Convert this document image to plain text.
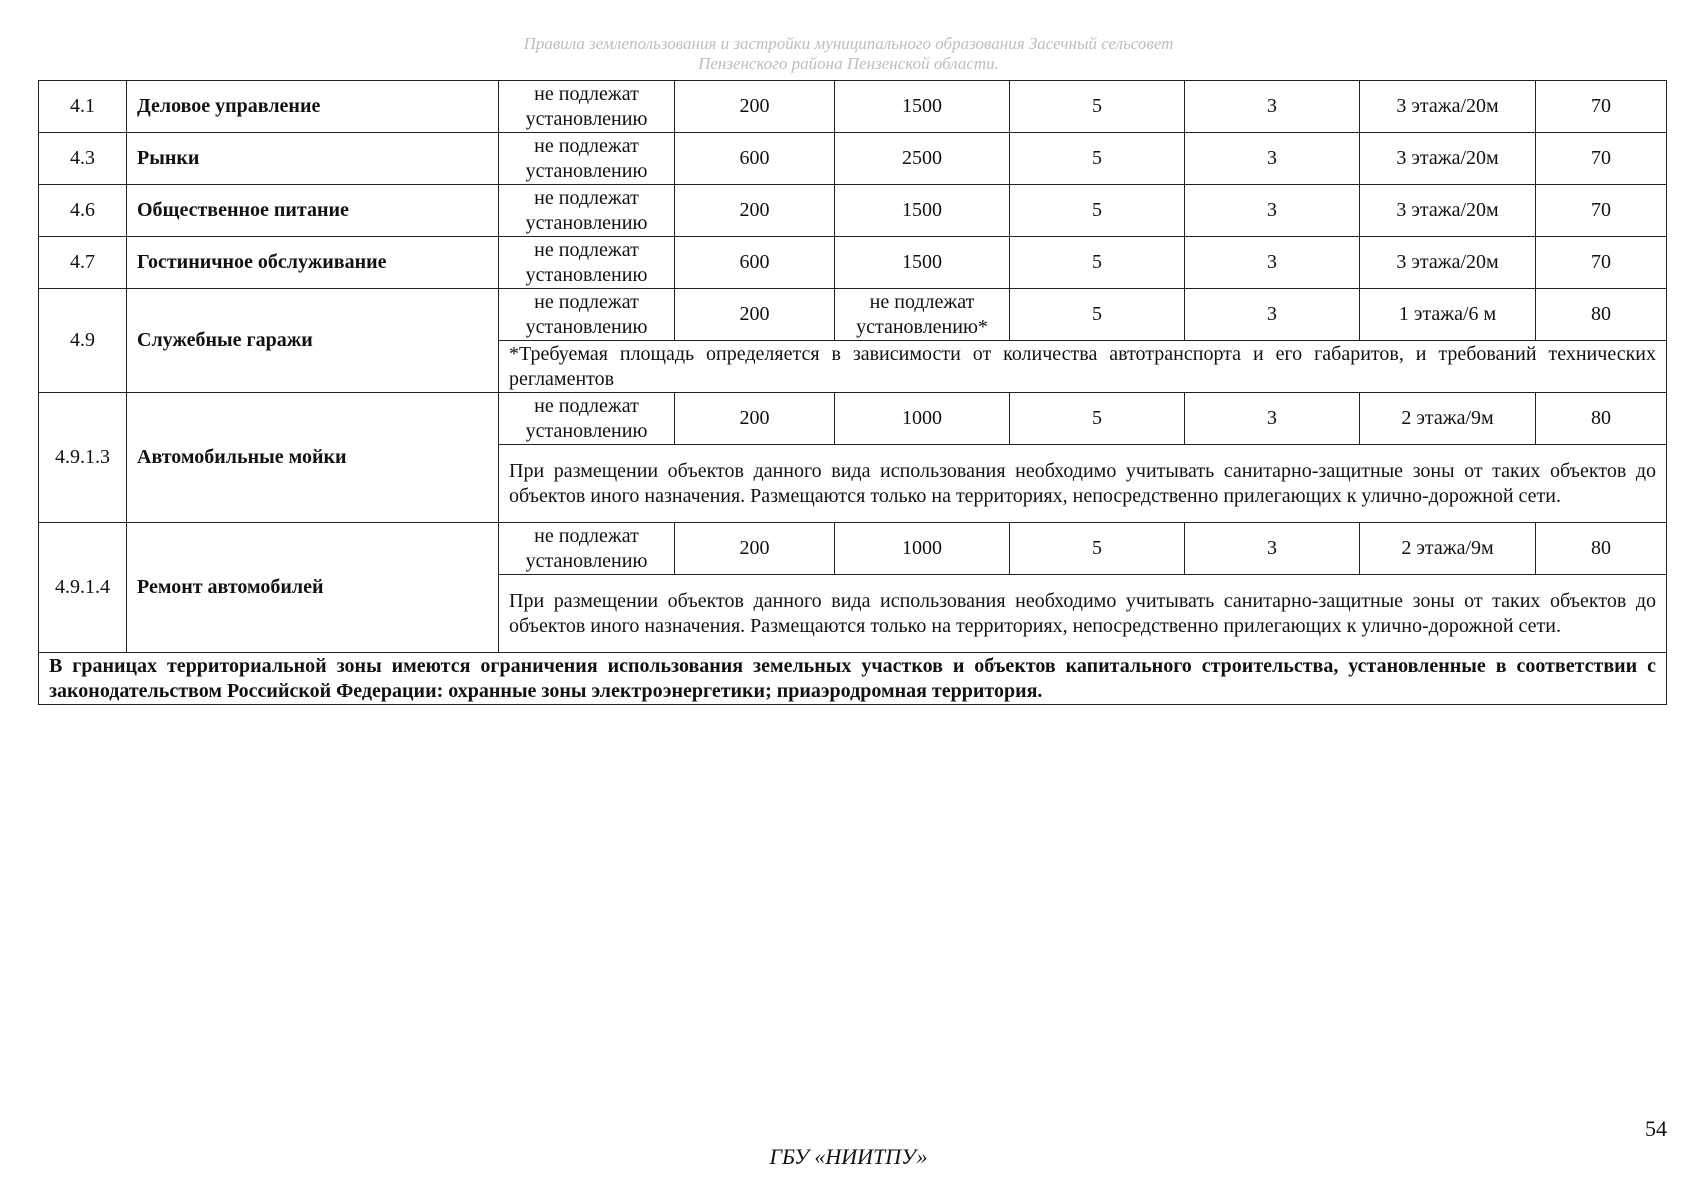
Правила землепользования и застройки муниципального образования Засечный сельсовет
Пензенского района Пензенской области.
4.1	Деловое управление	не подлежат установлению	200	1500	5	3	3 этажа/20м	70
4.3	Рынки	не подлежат установлению	600	2500	5	3	3 этажа/20м	70
4.6	Общественное питание	не подлежат установлению	200	1500	5	3	3 этажа/20м	70
4.7	Гостиничное обслуживание	не подлежат установлению	600	1500	5	3	3 этажа/20м	70
4.9	Служебные гаражи	не подлежат установлению	200	не подлежат установлению*	5	3	1 этажа/6 м	80
		*Требуемая площадь определяется в зависимости от количества автотранспорта и его габаритов, и требований технических регламентов						
4.9.1.3	Автомобильные мойки	не подлежат установлению	200	1000	5	3	2 этажа/9м	80
		При размещении объектов данного вида использования необходимо учитывать санитарно-защитные зоны от таких объектов до объектов иного назначения. Размещаются только на территориях, непосредственно прилегающих к улично-дорожной сети.						
4.9.1.4	Ремонт автомобилей	не подлежат установлению	200	1000	5	3	2 этажа/9м	80
		При размещении объектов данного вида использования необходимо учитывать санитарно-защитные зоны от таких объектов до объектов иного назначения. Размещаются только на территориях, непосредственно прилегающих к улично-дорожной сети.						
В границах территориальной зоны имеются ограничения использования земельных участков и объектов капитального строительства, установленные в соответствии с законодательством Российской Федерации: охранные зоны электроэнергетики; приаэродромная территория.								
54
ГБУ «НИИТПУ»
